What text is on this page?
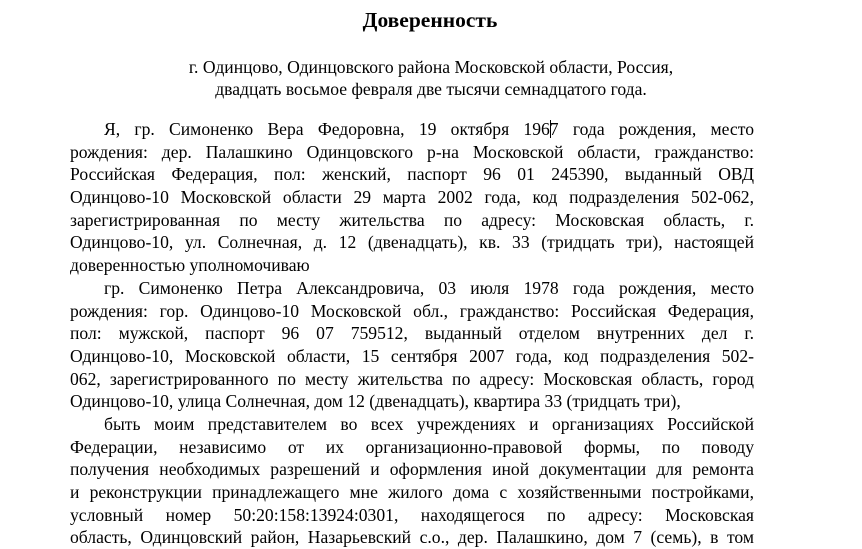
Доверенность
г. Одинцово, Одинцовского района Московской области, Россия,
двадцать восьмое февраля две тысячи семнадцатого года.
Я, гр. Симоненко Вера Федоровна, 19 октября 1967 года рождения, место
рождения: дер. Палашкино Одинцовского р-на Московской области, гражданство:
Российская Федерация, пол: женский, паспорт 96 01 245390, выданный ОВД
Одинцово-10 Московской области 29 марта 2002 года, код подразделения 502-062,
зарегистрированная по месту жительства по адресу: Московская область, г.
Одинцово-10, ул. Солнечная, д. 12 (двенадцать), кв. 33 (тридцать три), настоящей
доверенностью уполномочиваю
гр. Симоненко Петра Александровича, 03 июля 1978 года рождения, место
рождения: гор. Одинцово-10 Московской обл., гражданство: Российская Федерация,
пол: мужской, паспорт 96 07 759512, выданный отделом внутренних дел г.
Одинцово-10, Московской области, 15 сентября 2007 года, код подразделения 502-
062, зарегистрированного по месту жительства по адресу: Московская область, город
Одинцово-10, улица Солнечная, дом 12 (двенадцать), квартира 33 (тридцать три),
быть моим представителем во всех учреждениях и организациях Российской
Федерации, независимо от их организационно-правовой формы, по поводу
получения необходимых разрешений и оформления иной документации для ремонта
и реконструкции принадлежащего мне жилого дома с хозяйственными постройками,
условный номер 50:20:158:13924:0301, находящегося по адресу: Московская
область, Одинцовский район, Назарьевский с.о., дер. Палашкино, дом 7 (семь), в том
